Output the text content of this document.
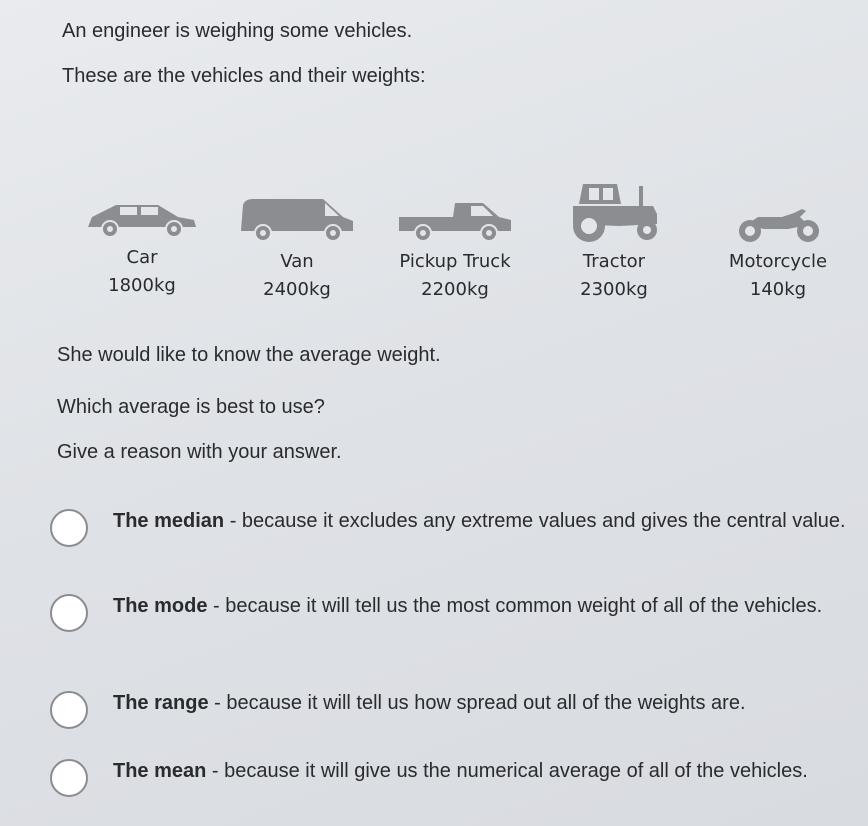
An engineer is weighing some vehicles.
These are the vehicles and their weights:
Car
1800kg
Van
2400kg
Pickup Truck
2200kg
Tractor
2300kg
Motorcycle
140kg
She would like to know the average weight.
Which average is best to use?
Give a reason with your answer.
The median - because it excludes any extreme values and gives the central value.
The mode - because it will tell us the most common weight of all of the vehicles.
The range - because it will tell us how spread out all of the weights are.
The mean - because it will give us the numerical average of all of the vehicles.
